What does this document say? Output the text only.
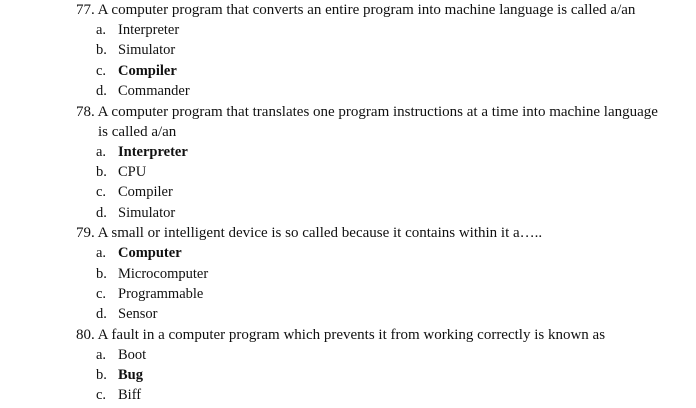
77. A computer program that converts an entire program into machine language is called a/an
a. Interpreter
b. Simulator
c. Compiler
d. Commander
78. A computer program that translates one program instructions at a time into machine language is called a/an
a. Interpreter
b. CPU
c. Compiler
d. Simulator
79. A small or intelligent device is so called because it contains within it a…..
a. Computer
b. Microcomputer
c. Programmable
d. Sensor
80. A fault in a computer program which prevents it from working correctly is known as
a. Boot
b. Bug
c. Biff
